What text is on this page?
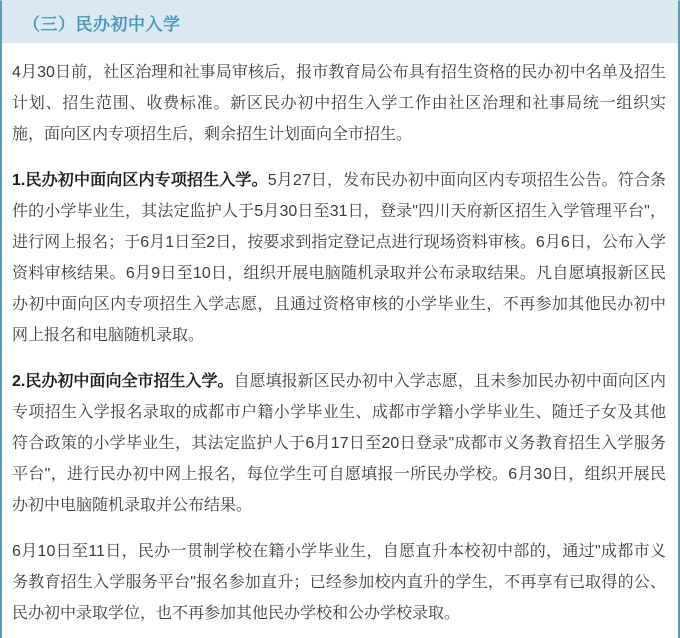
（三）民办初中入学

4月30日前，社区治理和社事局审核后，报市教育局公布具有招生资格的民办初中名单及招生计划、招生范围、收费标准。新区民办初中招生入学工作由社区治理和社事局统一组织实施，面向区内专项招生后，剩余招生计划面向全市招生。

1.民办初中面向区内专项招生入学。5月27日，发布民办初中面向区内专项招生公告。符合条件的小学毕业生，其法定监护人于5月30日至31日，登录"四川天府新区招生入学管理平台"，进行网上报名；于6月1日至2日，按要求到指定登记点进行现场资料审核。6月6日，公布入学资料审核结果。6月9日至10日，组织开展电脑随机录取并公布录取结果。凡自愿填报新区民办初中面向区内专项招生入学志愿，且通过资格审核的小学毕业生，不再参加其他民办初中网上报名和电脑随机录取。

2.民办初中面向全市招生入学。自愿填报新区民办初中入学志愿，且未参加民办初中面向区内专项招生入学报名录取的成都市户籍小学毕业生、成都市学籍小学毕业生、随迁子女及其他符合政策的小学毕业生，其法定监护人于6月17日至20日登录"成都市义务教育招生入学服务平台"，进行民办初中网上报名，每位学生可自愿填报一所民办学校。6月30日，组织开展民办初中电脑随机录取并公布结果。

6月10日至11日，民办一贯制学校在籍小学毕业生，自愿直升本校初中部的，通过"成都市义务教育招生入学服务平台"报名参加直升；已经参加校内直升的学生，不再享有已取得的公、民办初中录取学位，也不再参加其他民办学校和公办学校录取。
